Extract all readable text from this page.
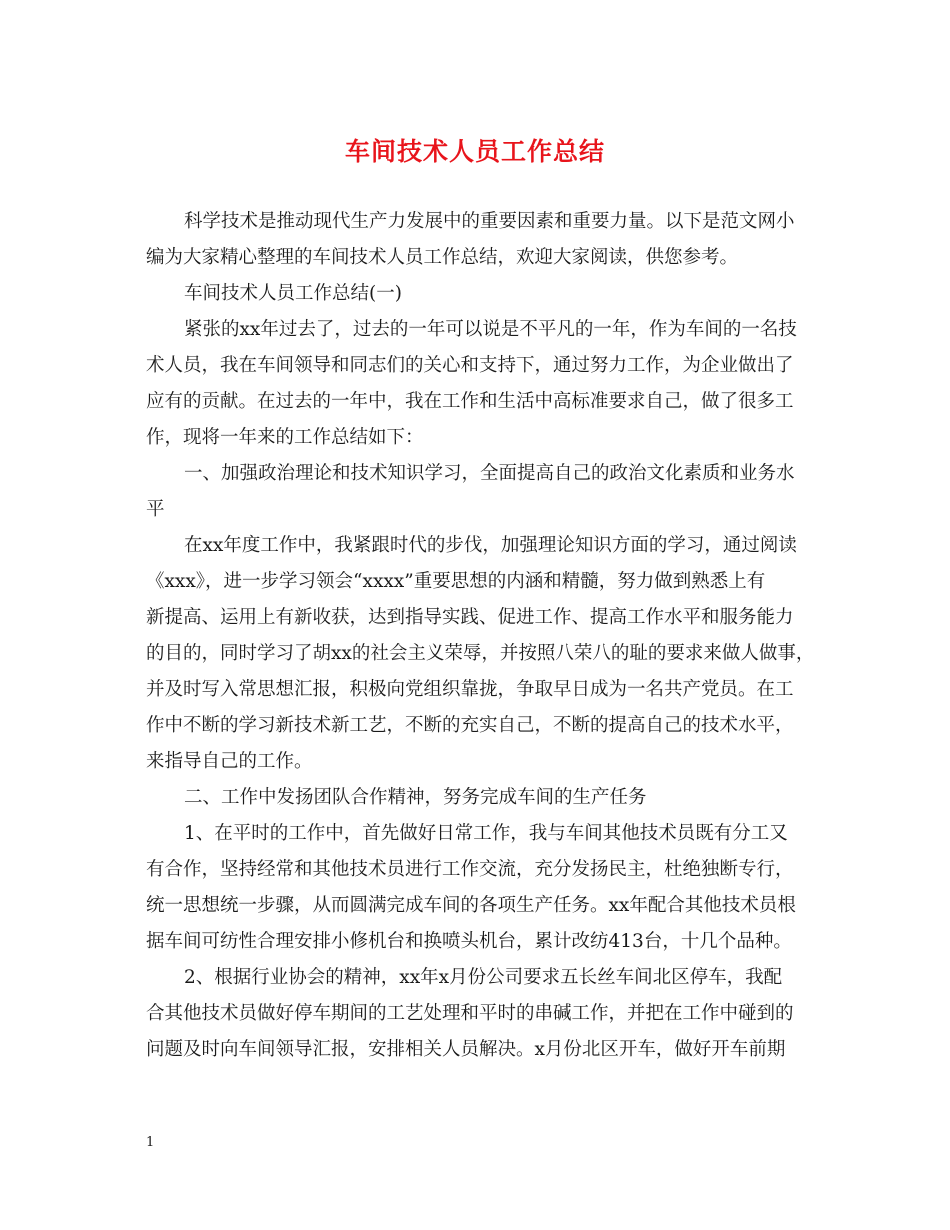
车间技术人员工作总结
科学技术是推动现代生产力发展中的重要因素和重要力量。以下是范文网小
编为大家精心整理的车间技术人员工作总结，欢迎大家阅读，供您参考。
车间技术人员工作总结(一)
紧张的xx年过去了，过去的一年可以说是不平凡的一年，作为车间的一名技
术人员，我在车间领导和同志们的关心和支持下，通过努力工作，为企业做出了
应有的贡献。在过去的一年中，我在工作和生活中高标准要求自己，做了很多工
作，现将一年来的工作总结如下：
一、加强政治理论和技术知识学习，全面提高自己的政治文化素质和业务水
平
在xx年度工作中，我紧跟时代的步伐，加强理论知识方面的学习，通过阅读
《xxx》，进一步学习领会“xxxx”重要思想的内涵和精髓，努力做到熟悉上有
新提高、运用上有新收获，达到指导实践、促进工作、提高工作水平和服务能力
的目的，同时学习了胡xx的社会主义荣辱，并按照八荣八的耻的要求来做人做事，
并及时写入常思想汇报，积极向党组织靠拢，争取早日成为一名共产党员。在工
作中不断的学习新技术新工艺，不断的充实自己，不断的提高自己的技术水平，
来指导自己的工作。
二、工作中发扬团队合作精神，努务完成车间的生产任务
1、在平时的工作中，首先做好日常工作，我与车间其他技术员既有分工又
有合作，坚持经常和其他技术员进行工作交流，充分发扬民主，杜绝独断专行，
统一思想统一步骤，从而圆满完成车间的各项生产任务。xx年配合其他技术员根
据车间可纺性合理安排小修机台和换喷头机台，累计改纺413台，十几个品种。
2、根据行业协会的精神，xx年x月份公司要求五长丝车间北区停车，我配
合其他技术员做好停车期间的工艺处理和平时的串碱工作，并把在工作中碰到的
问题及时向车间领导汇报，安排相关人员解决。x月份北区开车，做好开车前期
1
